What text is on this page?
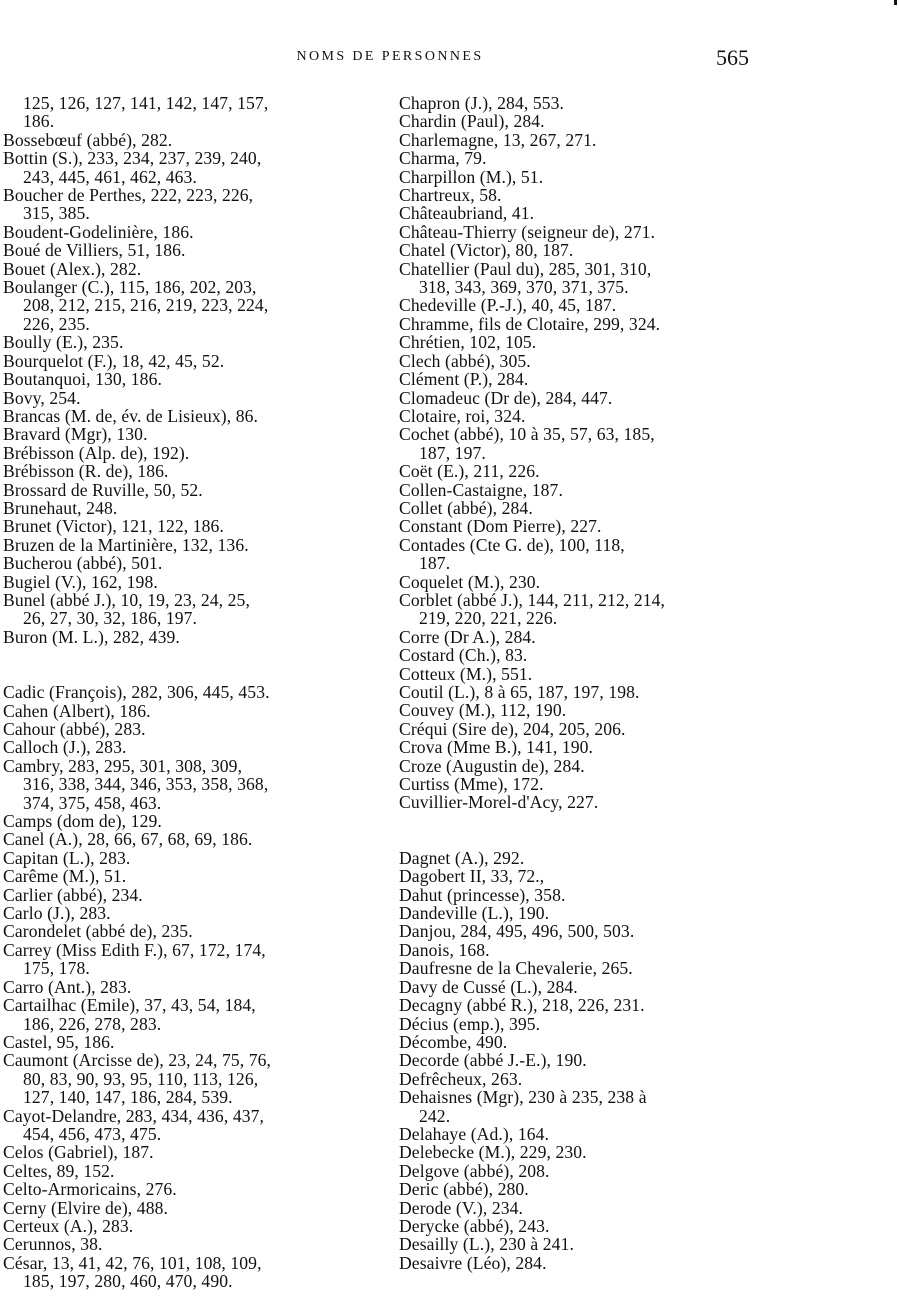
NOMS DE PERSONNES	565
125, 126, 127, 141, 142, 147, 157,
186.
Bossebœuf (abbé), 282.
Bottin (S.), 233, 234, 237, 239, 240,
243, 445, 461, 462, 463.
Boucher de Perthes, 222, 223, 226,
315, 385.
Boudent-Godelinière, 186.
Boué de Villiers, 51, 186.
Bouet (Alex.), 282.
Boulanger (C.), 115, 186, 202, 203,
208, 212, 215, 216, 219, 223, 224,
226, 235.
Boully (E.), 235.
Bourquelot (F.), 18, 42, 45, 52.
Boutanquoi, 130, 186.
Bovy, 254.
Brancas (M. de, év. de Lisieux), 86.
Bravard (Mgr), 130.
Brébisson (Alp. de), 192).
Brébisson (R. de), 186.
Brossard de Ruville, 50, 52.
Brunehaut, 248.
Brunet (Victor), 121, 122, 186.
Bruzen de la Martinière, 132, 136.
Bucherou (abbé), 501.
Bugiel (V.), 162, 198.
Bunel (abbé J.), 10, 19, 23, 24, 25,
26, 27, 30, 32, 186, 197.
Buron (M. L.), 282, 439.
Cadic (François), 282, 306, 445, 453.
Cahen (Albert), 186.
Cahour (abbé), 283.
Calloch (J.), 283.
Cambry, 283, 295, 301, 308, 309,
316, 338, 344, 346, 353, 358, 368,
374, 375, 458, 463.
Camps (dom de), 129.
Canel (A.), 28, 66, 67, 68, 69, 186.
Capitan (L.), 283.
Carême (M.), 51.
Carlier (abbé), 234.
Carlo (J.), 283.
Carondelet (abbé de), 235.
Carrey (Miss Edith F.), 67, 172, 174,
175, 178.
Carro (Ant.), 283.
Cartailhac (Emile), 37, 43, 54, 184,
186, 226, 278, 283.
Castel, 95, 186.
Caumont (Arcisse de), 23, 24, 75, 76,
80, 83, 90, 93, 95, 110, 113, 126,
127, 140, 147, 186, 284, 539.
Cayot-Delandre, 283, 434, 436, 437,
454, 456, 473, 475.
Celos (Gabriel), 187.
Celtes, 89, 152.
Celto-Armoricains, 276.
Cerny (Elvire de), 488.
Certeux (A.), 283.
Cerunnos, 38.
César, 13, 41, 42, 76, 101, 108, 109,
185, 197, 280, 460, 470, 490.
Chapron (J.), 284, 553.
Chardin (Paul), 284.
Charlemagne, 13, 267, 271.
Charma, 79.
Charpillon (M.), 51.
Chartreux, 58.
Châteaubriand, 41.
Château-Thierry (seigneur de), 271.
Chatel (Victor), 80, 187.
Chatellier (Paul du), 285, 301, 310,
318, 343, 369, 370, 371, 375.
Chedeville (P.-J.), 40, 45, 187.
Chramme, fils de Clotaire, 299, 324.
Chrétien, 102, 105.
Clech (abbé), 305.
Clément (P.), 284.
Clomadeuc (Dr de), 284, 447.
Clotaire, roi, 324.
Cochet (abbé), 10 à 35, 57, 63, 185,
187, 197.
Coët (E.), 211, 226.
Collen-Castaigne, 187.
Collet (abbé), 284.
Constant (Dom Pierre), 227.
Contades (Cte G. de), 100, 118,
187.
Coquelet (M.), 230.
Corblet (abbé J.), 144, 211, 212, 214,
219, 220, 221, 226.
Corre (Dr A.), 284.
Costard (Ch.), 83.
Cotteux (M.), 551.
Coutil (L.), 8 à 65, 187, 197, 198.
Couvey (M.), 112, 190.
Créqui (Sire de), 204, 205, 206.
Crova (Mme B.), 141, 190.
Croze (Augustin de), 284.
Curtiss (Mme), 172.
Cuvillier-Morel-d'Acy, 227.
Dagnet (A.), 292.
Dagobert II, 33, 72.,
Dahut (princesse), 358.
Dandeville (L.), 190.
Danjou, 284, 495, 496, 500, 503.
Danois, 168.
Daufresne de la Chevalerie, 265.
Davy de Cussé (L.), 284.
Decagny (abbé R.), 218, 226, 231.
Décius (emp.), 395.
Décombe, 490.
Decorde (abbé J.-E.), 190.
Defrêcheux, 263.
Dehaisnes (Mgr), 230 à 235, 238 à
242.
Delahaye (Ad.), 164.
Delebecke (M.), 229, 230.
Delgove (abbé), 208.
Deric (abbé), 280.
Derode (V.), 234.
Derycke (abbé), 243.
Desailly (L.), 230 à 241.
Desaivre (Léo), 284.
